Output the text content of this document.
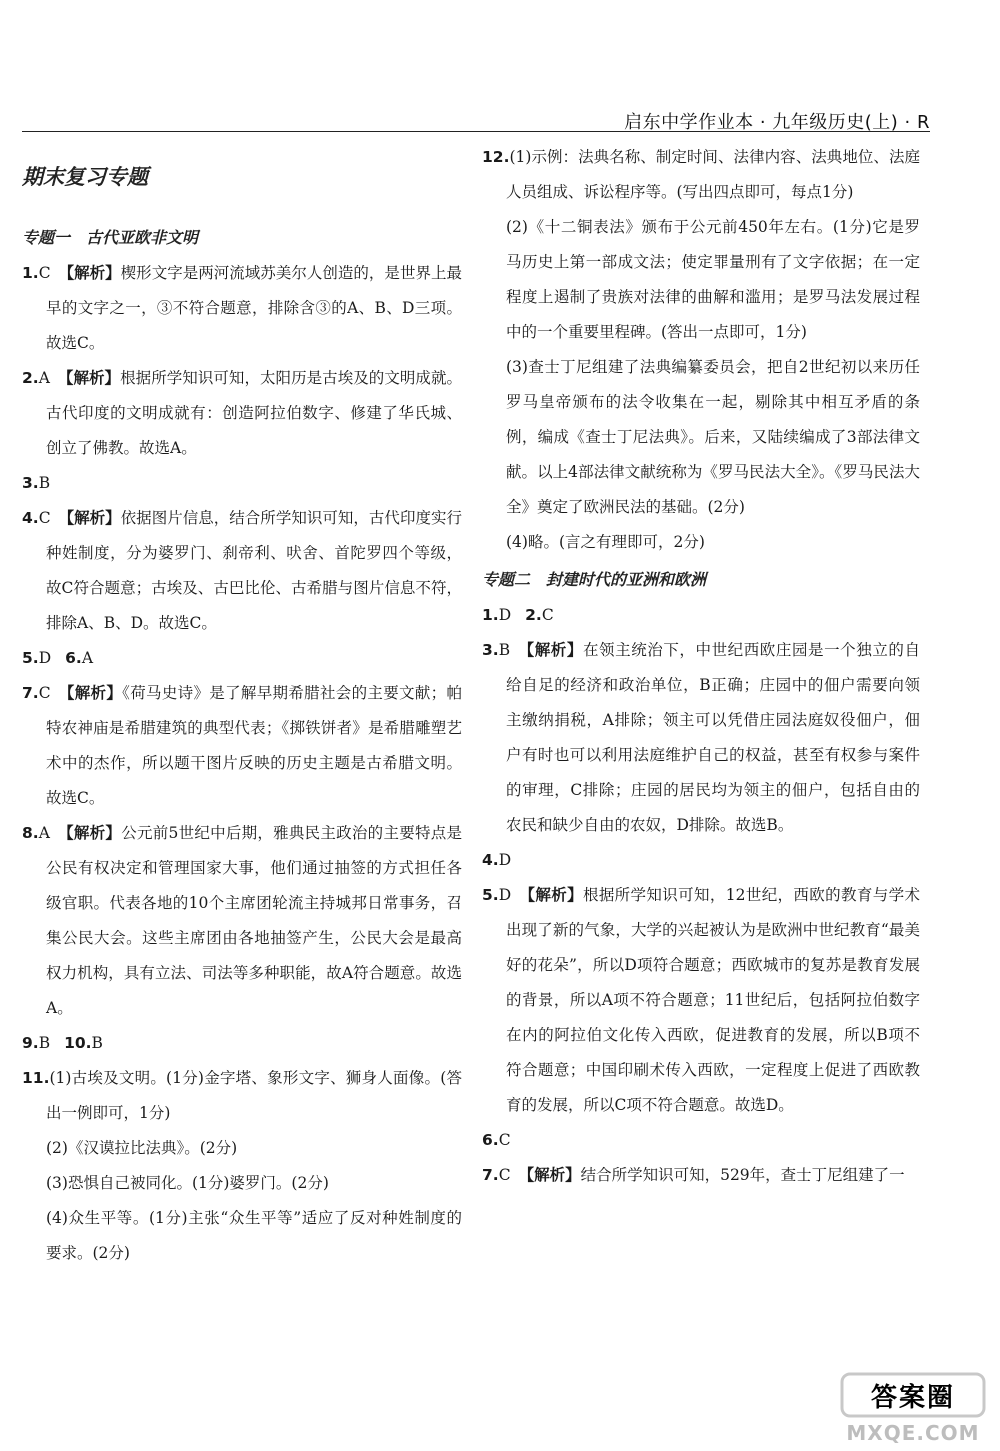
启东中学作业本 · 九年级历史(上) · R
期末复习专题
专题一　古代亚欧非文明

1.C 【解析】楔形文字是两河流域苏美尔人创造的，是世界上最早的文字之一，③不符合题意，排除含③的A、B、D三项。故选C。

2.A 【解析】根据所学知识可知，太阳历是古埃及的文明成就。古代印度的文明成就有：创造阿拉伯数字、修建了华氏城、创立了佛教。故选A。

3.B

4.C 【解析】依据图片信息，结合所学知识可知，古代印度实行种姓制度，分为婆罗门、刹帝利、吠舍、首陀罗四个等级，故C符合题意；古埃及、古巴比伦、古希腊与图片信息不符，排除A、B、D。故选C。

5.D 6.A

7.C 【解析】《荷马史诗》是了解早期希腊社会的主要文献；帕特农神庙是希腊建筑的典型代表；《掷铁饼者》是希腊雕塑艺术中的杰作，所以题干图片反映的历史主题是古希腊文明。故选C。

8.A 【解析】公元前5世纪中后期，雅典民主政治的主要特点是公民有权决定和管理国家大事，他们通过抽签的方式担任各级官职。代表各地的10个主席团轮流主持城邦日常事务，召集公民大会。这些主席团由各地抽签产生，公民大会是最高权力机构，具有立法、司法等多种职能，故A符合题意。故选A。

9.B 10.B

11.(1)古埃及文明。(1分)金字塔、象形文字、狮身人面像。(答出一例即可，1分)

(2)《汉谟拉比法典》。(2分)

(3)恐惧自己被同化。(1分)婆罗门。(2分)

(4)众生平等。(1分)主张“众生平等”适应了反对种姓制度的要求。(2分)

12.(1)示例：法典名称、制定时间、法律内容、法典地位、法庭人员组成、诉讼程序等。(写出四点即可，每点1分)

(2)《十二铜表法》颁布于公元前450年左右。(1分)它是罗马历史上第一部成文法；使定罪量刑有了文字依据；在一定程度上遏制了贵族对法律的曲解和滥用；是罗马法发展过程中的一个重要里程碑。(答出一点即可，1分)

(3)查士丁尼组建了法典编纂委员会，把自2世纪初以来历任罗马皇帝颁布的法令收集在一起，剔除其中相互矛盾的条例，编成《查士丁尼法典》。后来，又陆续编成了3部法律文献。以上4部法律文献统称为《罗马民法大全》。《罗马民法大全》奠定了欧洲民法的基础。(2分)

(4)略。(言之有理即可，2分)

专题二　封建时代的亚洲和欧洲

1.D 2.C

3.B 【解析】在领主统治下，中世纪西欧庄园是一个独立的自给自足的经济和政治单位，B正确；庄园中的佃户需要向领主缴纳捐税，A排除；领主可以凭借庄园法庭奴役佃户，佃户有时也可以利用法庭维护自己的权益，甚至有权参与案件的审理，C排除；庄园的居民均为领主的佃户，包括自由的农民和缺少自由的农奴，D排除。故选B。

4.D

5.D 【解析】根据所学知识可知，12世纪，西欧的教育与学术出现了新的气象，大学的兴起被认为是欧洲中世纪教育“最美好的花朵”，所以D项符合题意；西欧城市的复苏是教育发展的背景，所以A项不符合题意；11世纪后，包括阿拉伯数字在内的阿拉伯文化传入西欧，促进教育的发展，所以B项不符合题意；中国印刷术传入西欧，一定程度上促进了西欧教育的发展，所以C项不符合题意。故选D。

6.C

7.C 【解析】结合所学知识可知，529年，查士丁尼组建了一

答案圈
MXQE.COM
